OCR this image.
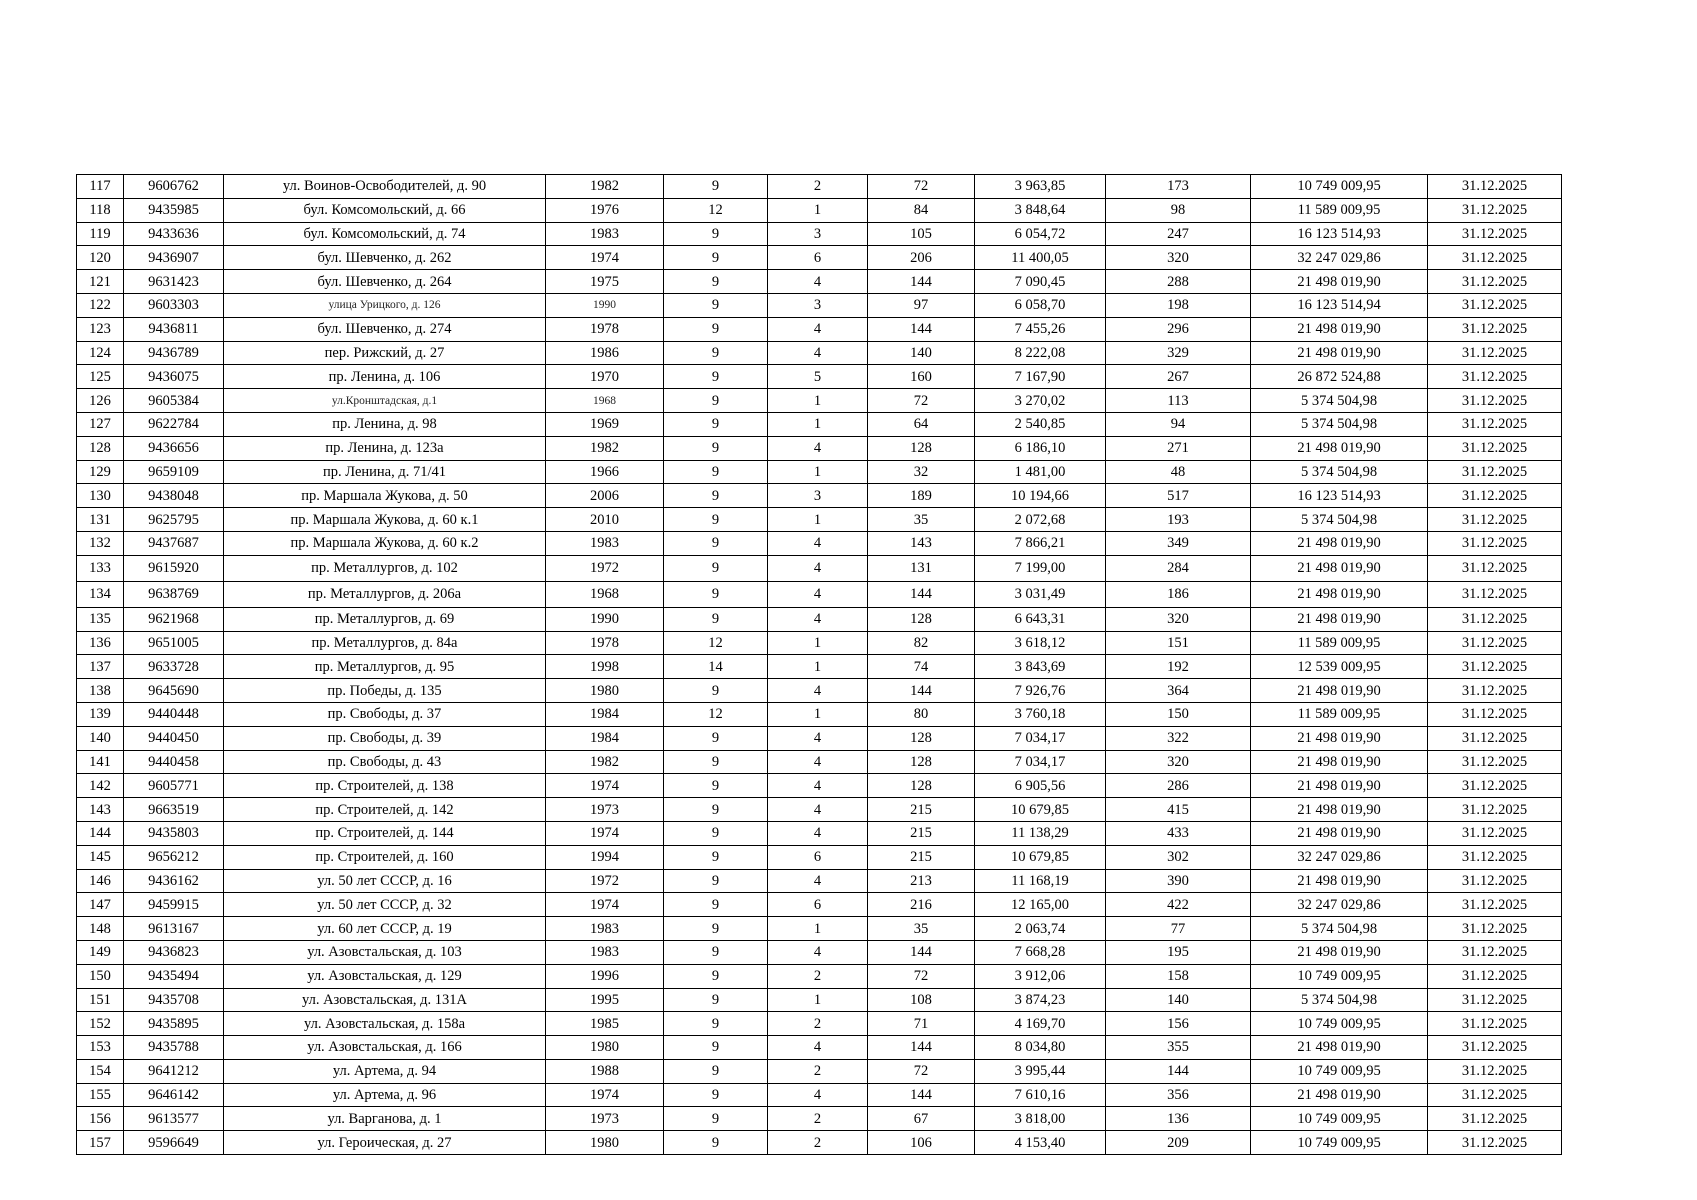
117	9606762	ул. Воинов-Освободителей, д. 90	1982	9	2	72	3 963,85	173	10 749 009,95	31.12.2025
118	9435985	бул. Комсомольский, д. 66	1976	12	1	84	3 848,64	98	11 589 009,95	31.12.2025
119	9433636	бул. Комсомольский, д. 74	1983	9	3	105	6 054,72	247	16 123 514,93	31.12.2025
120	9436907	бул. Шевченко, д. 262	1974	9	6	206	11 400,05	320	32 247 029,86	31.12.2025
121	9631423	бул. Шевченко, д. 264	1975	9	4	144	7 090,45	288	21 498 019,90	31.12.2025
122	9603303	улица Урицкого, д. 126	1990	9	3	97	6 058,70	198	16 123 514,94	31.12.2025
123	9436811	бул. Шевченко, д. 274	1978	9	4	144	7 455,26	296	21 498 019,90	31.12.2025
124	9436789	пер. Рижский, д. 27	1986	9	4	140	8 222,08	329	21 498 019,90	31.12.2025
125	9436075	пр. Ленина, д. 106	1970	9	5	160	7 167,90	267	26 872 524,88	31.12.2025
126	9605384	ул.Кронштадская, д.1	1968	9	1	72	3 270,02	113	5 374 504,98	31.12.2025
127	9622784	пр. Ленина, д. 98	1969	9	1	64	2 540,85	94	5 374 504,98	31.12.2025
128	9436656	пр. Ленина, д. 123а	1982	9	4	128	6 186,10	271	21 498 019,90	31.12.2025
129	9659109	пр. Ленина, д. 71/41	1966	9	1	32	1 481,00	48	5 374 504,98	31.12.2025
130	9438048	пр. Маршала Жукова, д. 50	2006	9	3	189	10 194,66	517	16 123 514,93	31.12.2025
131	9625795	пр. Маршала Жукова, д. 60 к.1	2010	9	1	35	2 072,68	193	5 374 504,98	31.12.2025
132	9437687	пр. Маршала Жукова, д. 60 к.2	1983	9	4	143	7 866,21	349	21 498 019,90	31.12.2025
133	9615920	пр. Металлургов, д. 102	1972	9	4	131	7 199,00	284	21 498 019,90	31.12.2025
134	9638769	пр. Металлургов, д. 206а	1968	9	4	144	3 031,49	186	21 498 019,90	31.12.2025
135	9621968	пр. Металлургов, д. 69	1990	9	4	128	6 643,31	320	21 498 019,90	31.12.2025
136	9651005	пр. Металлургов, д. 84а	1978	12	1	82	3 618,12	151	11 589 009,95	31.12.2025
137	9633728	пр. Металлургов, д. 95	1998	14	1	74	3 843,69	192	12 539 009,95	31.12.2025
138	9645690	пр. Победы, д. 135	1980	9	4	144	7 926,76	364	21 498 019,90	31.12.2025
139	9440448	пр. Свободы, д. 37	1984	12	1	80	3 760,18	150	11 589 009,95	31.12.2025
140	9440450	пр. Свободы, д. 39	1984	9	4	128	7 034,17	322	21 498 019,90	31.12.2025
141	9440458	пр. Свободы, д. 43	1982	9	4	128	7 034,17	320	21 498 019,90	31.12.2025
142	9605771	пр. Строителей, д. 138	1974	9	4	128	6 905,56	286	21 498 019,90	31.12.2025
143	9663519	пр. Строителей, д. 142	1973	9	4	215	10 679,85	415	21 498 019,90	31.12.2025
144	9435803	пр. Строителей, д. 144	1974	9	4	215	11 138,29	433	21 498 019,90	31.12.2025
145	9656212	пр. Строителей, д. 160	1994	9	6	215	10 679,85	302	32 247 029,86	31.12.2025
146	9436162	ул. 50 лет СССР, д. 16	1972	9	4	213	11 168,19	390	21 498 019,90	31.12.2025
147	9459915	ул. 50 лет СССР, д. 32	1974	9	6	216	12 165,00	422	32 247 029,86	31.12.2025
148	9613167	ул. 60 лет СССР, д. 19	1983	9	1	35	2 063,74	77	5 374 504,98	31.12.2025
149	9436823	ул. Азовстальская, д. 103	1983	9	4	144	7 668,28	195	21 498 019,90	31.12.2025
150	9435494	ул. Азовстальская, д. 129	1996	9	2	72	3 912,06	158	10 749 009,95	31.12.2025
151	9435708	ул. Азовстальская, д. 131А	1995	9	1	108	3 874,23	140	5 374 504,98	31.12.2025
152	9435895	ул. Азовстальская, д. 158а	1985	9	2	71	4 169,70	156	10 749 009,95	31.12.2025
153	9435788	ул. Азовстальская, д. 166	1980	9	4	144	8 034,80	355	21 498 019,90	31.12.2025
154	9641212	ул. Артема, д. 94	1988	9	2	72	3 995,44	144	10 749 009,95	31.12.2025
155	9646142	ул. Артема, д. 96	1974	9	4	144	7 610,16	356	21 498 019,90	31.12.2025
156	9613577	ул. Варганова, д. 1	1973	9	2	67	3 818,00	136	10 749 009,95	31.12.2025
157	9596649	ул. Героическая, д. 27	1980	9	2	106	4 153,40	209	10 749 009,95	31.12.2025
